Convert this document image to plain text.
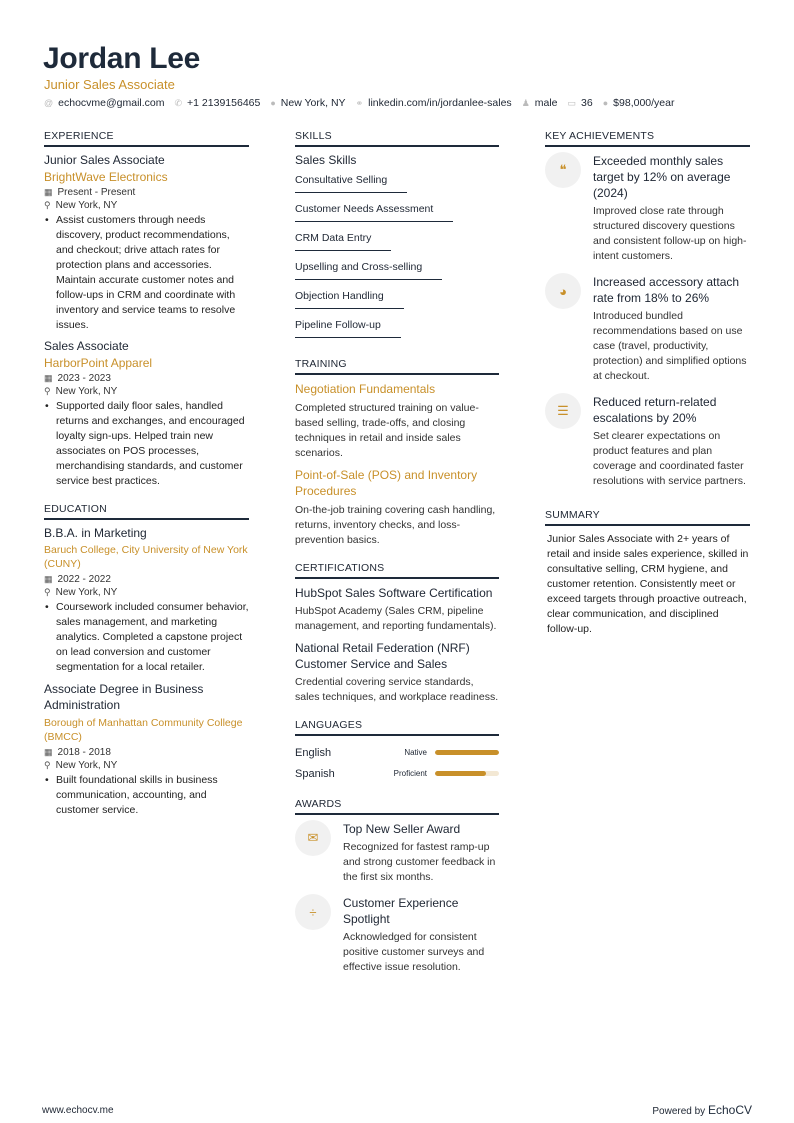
Jordan Lee
Junior Sales Associate
@ echocvme@gmail.com ✆ +1 2139156465 ● New York, NY ⚭ linkedin.com/in/jordanlee-sales ♟ male ▭ 36 ● $98,000/year
EXPERIENCE
Junior Sales Associate
BrightWave Electronics
▦ Present - Present
⚲ New York, NY
• Assist customers through needs discovery, product recommendations, and checkout; drive attach rates for protection plans and accessories. Maintain accurate customer notes and follow-ups in CRM and coordinate with inventory and service teams to resolve issues.
Sales Associate
HarborPoint Apparel
▦ 2023 - 2023
⚲ New York, NY
• Supported daily floor sales, handled returns and exchanges, and encouraged loyalty sign-ups. Helped train new associates on POS processes, merchandising standards, and customer service best practices.
EDUCATION
B.B.A. in Marketing
Baruch College, City University of New York (CUNY)
▦ 2022 - 2022
⚲ New York, NY
• Coursework included consumer behavior, sales management, and marketing analytics. Completed a capstone project on lead conversion and customer segmentation for a local retailer.
Associate Degree in Business Administration
Borough of Manhattan Community College (BMCC)
▦ 2018 - 2018
⚲ New York, NY
• Built foundational skills in business communication, accounting, and customer service.
SKILLS
Sales Skills
Consultative Selling
Customer Needs Assessment
CRM Data Entry
Upselling and Cross-selling
Objection Handling
Pipeline Follow-up
TRAINING
Negotiation Fundamentals
Completed structured training on value-based selling, trade-offs, and closing techniques in retail and inside sales scenarios.
Point-of-Sale (POS) and Inventory Procedures
On-the-job training covering cash handling, returns, inventory checks, and loss-prevention basics.
CERTIFICATIONS
HubSpot Sales Software Certification
HubSpot Academy (Sales CRM, pipeline management, and reporting fundamentals).
National Retail Federation (NRF) Customer Service and Sales
Credential covering service standards, sales techniques, and workplace readiness.
LANGUAGES
English	Native
Spanish	Proficient
AWARDS
✉
Top New Seller Award
Recognized for fastest ramp-up and strong customer feedback in the first six months.
÷
Customer Experience Spotlight
Acknowledged for consistent positive customer surveys and effective issue resolution.
KEY ACHIEVEMENTS
❝
Exceeded monthly sales target by 12% on average (2024)
Improved close rate through structured discovery questions and consistent follow-up on high-intent customers.
◕
Increased accessory attach rate from 18% to 26%
Introduced bundled recommendations based on use case (travel, productivity, protection) and simplified options at checkout.
☰
Reduced return-related escalations by 20%
Set clearer expectations on product features and plan coverage and coordinated faster resolutions with service partners.
SUMMARY
Junior Sales Associate with 2+ years of retail and inside sales experience, skilled in consultative selling, CRM hygiene, and customer retention. Consistently meet or exceed targets through proactive outreach, clear communication, and disciplined follow-up.
www.echocv.me	Powered by EchoCV
